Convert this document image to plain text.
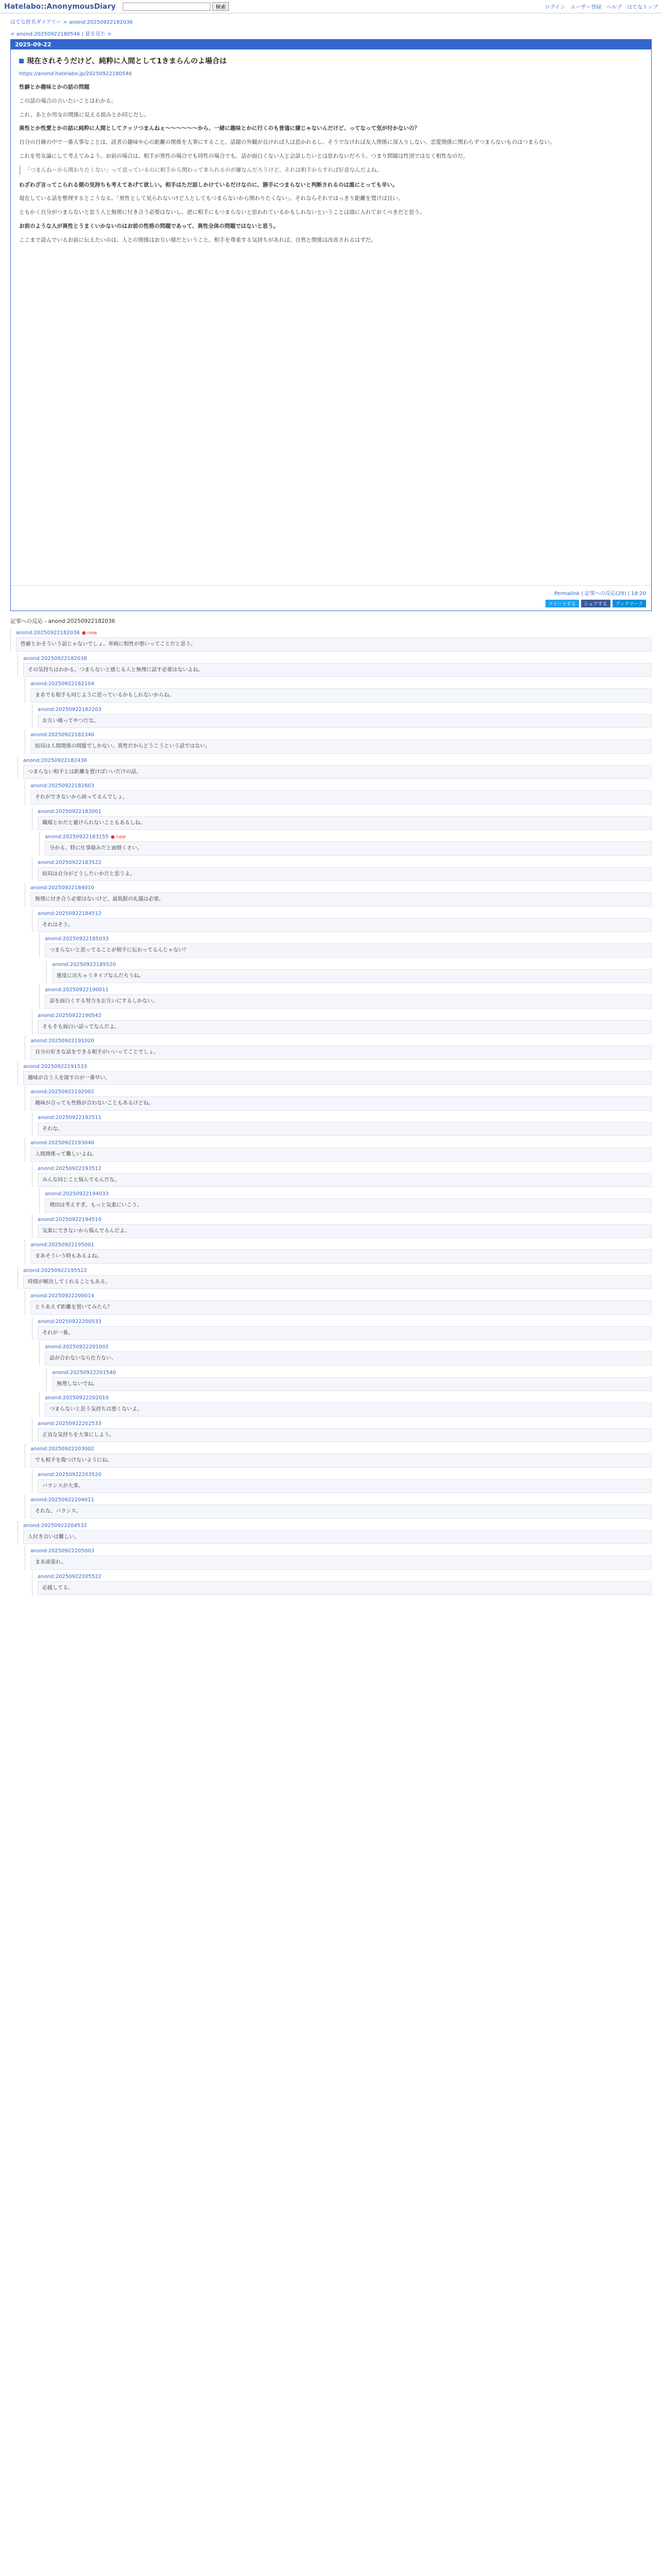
Hatelabo::AnonymousDiary	検索	ログイン ユーザー登録 ヘルプ はてなトップ
はてな匿名ダイアリー > anond:20250922182036
< anond:20250922180546 | 夏を見た >
2025-09-22
現在されそうだけど、純粋に人間として1きまらんのよ場合は
https://anond.hatelabo.jp/20250922180546

性癖とか趣味とかの話の問題

この話の場合の言いたいことはわかる。

これ、あとか男女の関係に見える組みとか同じだし。

異性とか性愛とかの話に純粋に人間としてクッソつまんねぇ〜〜〜〜〜〜から、一緒に趣味とかに行くのも普通に嫌じゃないんだけど、ってなって気が付かないの？

自分の目線の中で一番大事なことは、読者の趣味や心の距離の関係を大事にすること。話題の外観が良ければ人は惹かれるし、そうでなければ友人関係に深入りしない。恋愛関係に関わらずつまらないものはつまらない。

これを男女論にして考えてみよう。お前の場合は、相手が異性の場合でも同性の場合でも、話が面白くない人と会話したいとは思わないだろう。つまり問題は性別ではなく相性なのだ。

「つまんねーから関わりたくない」って思っているのに相手から関わって来られるのが嫌なんだろうけど、それは相手からすれば好意なんだよね。

わざわざ言ってこられる側の気持ちも考えてあげて欲しい。相手はただ話しかけているだけなのに、勝手につまらないと判断されるのは誰にとっても辛い。

現在している話を整理するとこうなる。「異性として見られないけど人としてもつまらないから関わりたくない」。それならそれではっきり距離を置けば良い。

ともかく自分がつまらないと思う人と無理に付き合う必要はないし、逆に相手にもつまらないと思われているかもしれないということは頭に入れておくべきだと思う。

お前のような人が異性とうまくいかないのはお前の性格の問題であって、異性全体の問題ではないと思う。

ここまで読んでいるお前に伝えたいのは、人との関係はお互い様だということ。相手を尊重する気持ちがあれば、自然と関係は改善されるはずだ。

Permalink | 記事への反応(29) | 18:20
ツイートする	シェアする	ブックマーク
記事への反応 - anond:20250922182036
anond:20250922182036 ● new
性癖とかそういう話じゃないでしょ。単純に相性が悪いってことだと思う。
anond:20250922182038
その気持ちはわかる。つまらないと感じる人と無理に話す必要はないよね。
anond:20250922182104
まあでも相手も同じように思っているかもしれないからね。
anond:20250922182203
お互い様ってやつだな。
anond:20250922182340
結局は人間関係の問題でしかない。異性だからどうこうという話ではない。
anond:20250922182436
つまらない相手とは距離を置けばいいだけの話。
anond:20250922182603
それができないから困ってるんでしょ。
anond:20250922183001
職場とかだと避けられないこともあるしね。
anond:20250922183155 ● new
分かる。特に仕事絡みだと面倒くさい。
anond:20250922183522
結局は自分がどうしたいかだと思うよ。
anond:20250922184010
無理に付き合う必要はないけど、最低限の礼儀は必要。
anond:20250922184512
それはそう。
anond:20250922185033
つまらないと思ってることが相手に伝わってるんじゃない？
anond:20250922185520
態度に出ちゃうタイプなんだろうね。
anond:20250922190011
話を面白くする努力をお互いにするしかない。
anond:20250922190542
そもそも面白い話ってなんだよ。
anond:20250922191020
自分の好きな話をできる相手がいいってことでしょ。
anond:20250922191533
趣味が合う人を探すのが一番早い。
anond:20250922192002
趣味が合っても性格が合わないこともあるけどね。
anond:20250922192511
それな。
anond:20250922193040
人間関係って難しいよね。
anond:20250922193512
みんな同じこと悩んでるんだな。
anond:20250922194033
増田は考えすぎ。もっと気楽にいこう。
anond:20250922194510
気楽にできないから悩んでるんだよ。
anond:20250922195001
まあそういう時もあるよね。
anond:20250922195522
時間が解決してくれることもある。
anond:20250922200014
とりあえず距離を置いてみたら？
anond:20250922200533
それが一番。
anond:20250922201002
話が合わないなら仕方ない。
anond:20250922201540
無理しないでね。
anond:20250922202010
つまらないと思う気持ちは悪くないよ。
anond:20250922202533
正直な気持ちを大事にしよう。
anond:20250922203002
でも相手を傷つけないようにね。
anond:20250922203520
バランスが大事。
anond:20250922204011
それな、バランス。
anond:20250922204532
人付き合いは難しい。
anond:20250922205003
まあ頑張れ。
anond:20250922205522
応援してる。
